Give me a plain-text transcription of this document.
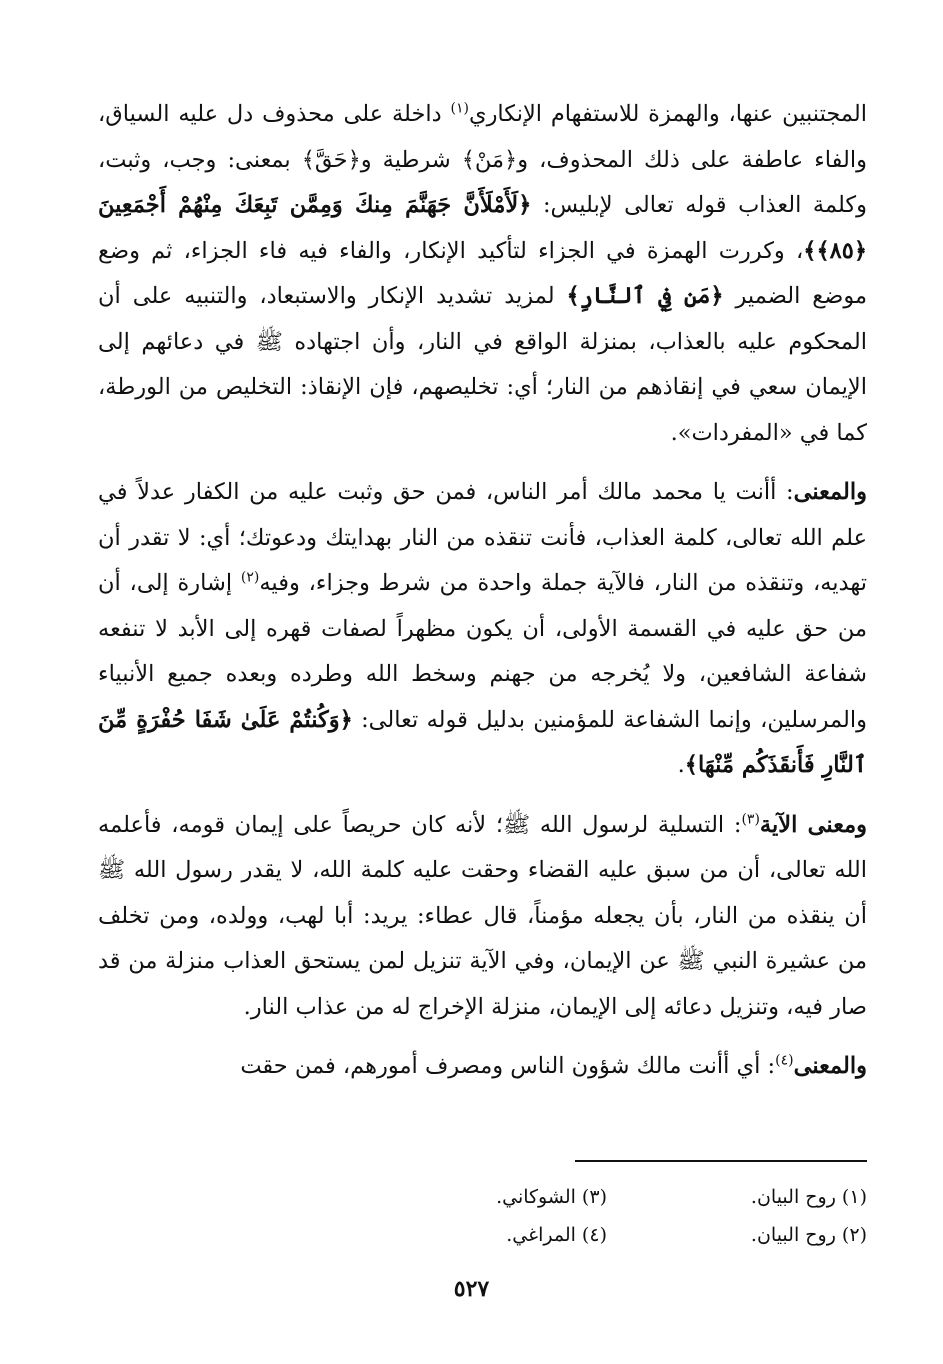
المجتنبين عنها، والهمزة للاستفهام الإنكاري$^{(١)}$ داخلة على محذوف دل عليه السياق، والفاء عاطفة على ذلك المحذوف، و﴿مَنْ﴾ شرطية و﴿حَقَّ﴾ بمعنى: وجب، وثبت، وكلمة العذاب قوله تعالى لإبليس: ﴿لَأَمْلَأَنَّ جَهَنَّمَ مِنكَ وَمِمَّن تَبِعَكَ مِنْهُمْ أَجْمَعِينَ ﴿٨٥﴾﴾، وكررت الهمزة في الجزاء لتأكيد الإنكار، والفاء فيه فاء الجزاء، ثم وضع موضع الضمير ﴿مَن فِي ٱلنَّارِ﴾ لمزيد تشديد الإنكار والاستبعاد، والتنبيه على أن المحكوم عليه بالعذاب، بمنزلة الواقع في النار، وأن اجتهاده ﷺ في دعائهم إلى الإيمان سعي في إنقاذهم من النار؛ أي: تخليصهم، فإن الإنقاذ: التخليص من الورطة، كما في «المفردات».

والمعنى: أأنت يا محمد مالك أمر الناس، فمن حق وثبت عليه من الكفار عدلاً في علم الله تعالى، كلمة العذاب، فأنت تنقذه من النار بهدايتك ودعوتك؛ أي: لا تقدر أن تهديه، وتنقذه من النار، فالآية جملة واحدة من شرط وجزاء، وفيه$^{(٢)}$ إشارة إلى، أن من حق عليه في القسمة الأولى، أن يكون مظهراً لصفات قهره إلى الأبد لا تنفعه شفاعة الشافعين، ولا يُخرجه من جهنم وسخط الله وطرده وبعده جميع الأنبياء والمرسلين، وإنما الشفاعة للمؤمنين بدليل قوله تعالى: ﴿وَكُنتُمْ عَلَىٰ شَفَا حُفْرَةٍ مِّنَ ٱلنَّارِ فَأَنقَذَكُم مِّنْهَا﴾.

ومعنى الآية$^{(٣)}$: التسلية لرسول الله ﷺ؛ لأنه كان حريصاً على إيمان قومه، فأعلمه الله تعالى، أن من سبق عليه القضاء وحقت عليه كلمة الله، لا يقدر رسول الله ﷺ أن ينقذه من النار، بأن يجعله مؤمناً، قال عطاء: يريد: أبا لهب، وولده، ومن تخلف من عشيرة النبي ﷺ عن الإيمان، وفي الآية تنزيل لمن يستحق العذاب منزلة من قد صار فيه، وتنزيل دعائه إلى الإيمان، منزلة الإخراج له من عذاب النار.

والمعنى$^{(٤)}$: أي أأنت مالك شؤون الناس ومصرف أمورهم، فمن حقت

(١) روح البيان.
(٣) الشوكاني.
(٢) روح البيان.
(٤) المراغي.
٥٢٧
